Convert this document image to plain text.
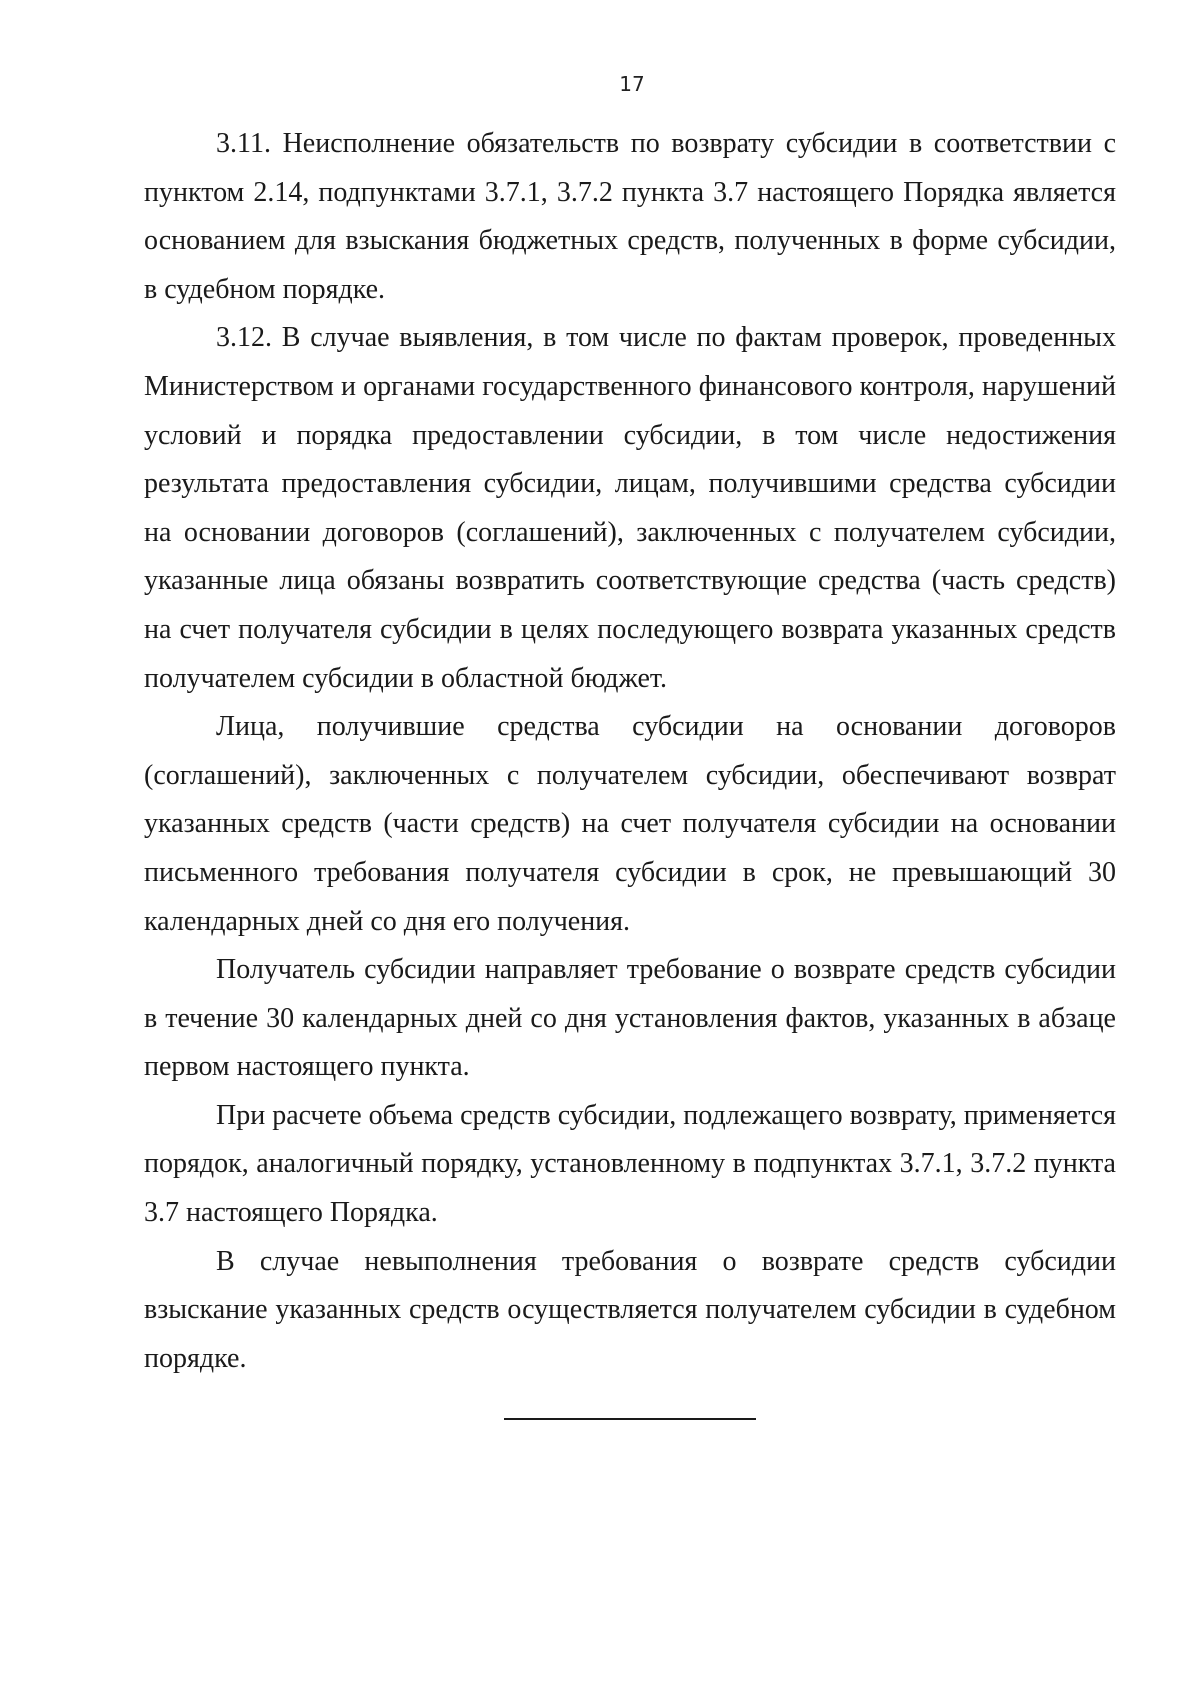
17

3.11. Неисполнение обязательств по возврату субсидии в соответствии с пунктом 2.14, подпунктами 3.7.1, 3.7.2 пункта 3.7 настоящего Порядка является основанием для взыскания бюджетных средств, полученных в форме субсидии, в судебном порядке.

3.12. В случае выявления, в том числе по фактам проверок, проведенных Министерством и органами государственного финансового контроля, нарушений условий и порядка предоставлении субсидии, в том числе недостижения результата предоставления субсидии, лицам, получившими средства субсидии на основании договоров (соглашений), заключенных с получателем субсидии, указанные лица обязаны возвратить соответствующие средства (часть средств) на счет получателя субсидии в целях последующего возврата указанных средств получателем субсидии в областной бюджет.

Лица, получившие средства субсидии на основании договоров (соглашений), заключенных с получателем субсидии, обеспечивают возврат указанных средств (части средств) на счет получателя субсидии на основании письменного требования получателя субсидии в срок, не превышающий 30 календарных дней со дня его получения.

Получатель субсидии направляет требование о возврате средств субсидии в течение 30 календарных дней со дня установления фактов, указанных в абзаце первом настоящего пункта.

При расчете объема средств субсидии, подлежащего возврату, применяется порядок, аналогичный порядку, установленному в подпунктах 3.7.1, 3.7.2 пункта 3.7 настоящего Порядка.

В случае невыполнения требования о возврате средств субсидии взыскание указанных средств осуществляется получателем субсидии в судебном порядке.
